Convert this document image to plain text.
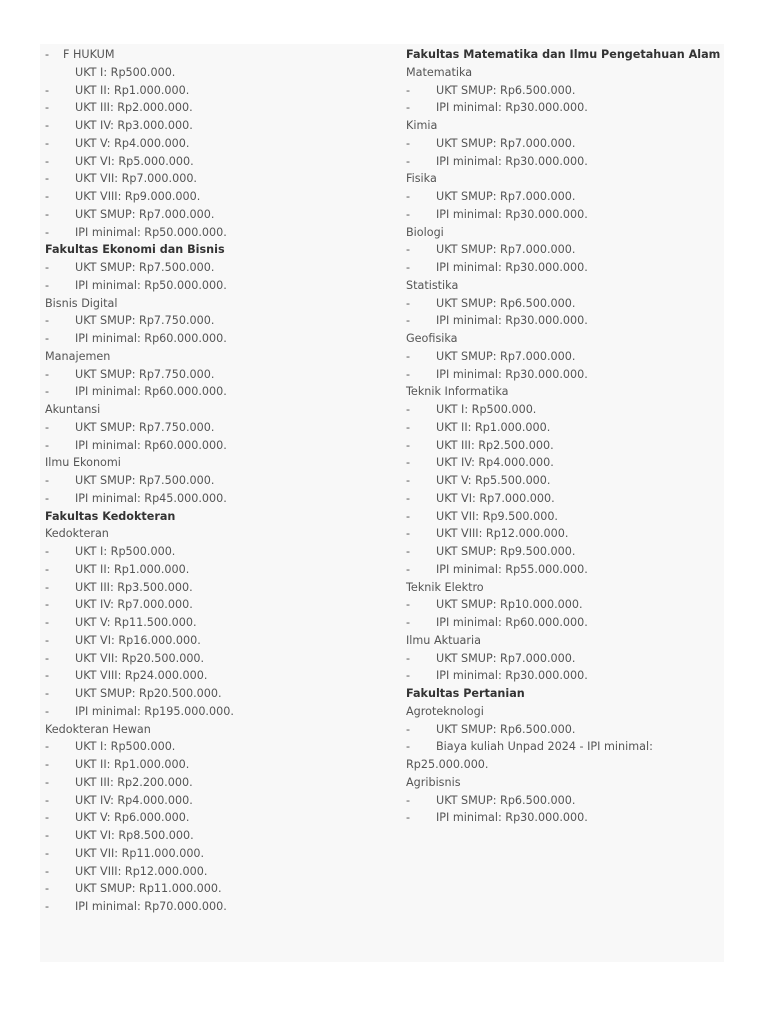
- F HUKUM
UKT I: Rp500.000.
- UKT II: Rp1.000.000.
- UKT III: Rp2.000.000.
- UKT IV: Rp3.000.000.
- UKT V: Rp4.000.000.
- UKT VI: Rp5.000.000.
- UKT VII: Rp7.000.000.
- UKT VIII: Rp9.000.000.
- UKT SMUP: Rp7.000.000.
- IPI minimal: Rp50.000.000.
Fakultas Ekonomi dan Bisnis
- UKT SMUP: Rp7.500.000.
- IPI minimal: Rp50.000.000.
Bisnis Digital
- UKT SMUP: Rp7.750.000.
- IPI minimal: Rp60.000.000.
Manajemen
- UKT SMUP: Rp7.750.000.
- IPI minimal: Rp60.000.000.
Akuntansi
- UKT SMUP: Rp7.750.000.
- IPI minimal: Rp60.000.000.
Ilmu Ekonomi
- UKT SMUP: Rp7.500.000.
- IPI minimal: Rp45.000.000.
Fakultas Kedokteran
Kedokteran
- UKT I: Rp500.000.
- UKT II: Rp1.000.000.
- UKT III: Rp3.500.000.
- UKT IV: Rp7.000.000.
- UKT V: Rp11.500.000.
- UKT VI: Rp16.000.000.
- UKT VII: Rp20.500.000.
- UKT VIII: Rp24.000.000.
- UKT SMUP: Rp20.500.000.
- IPI minimal: Rp195.000.000.
Kedokteran Hewan
- UKT I: Rp500.000.
- UKT II: Rp1.000.000.
- UKT III: Rp2.200.000.
- UKT IV: Rp4.000.000.
- UKT V: Rp6.000.000.
- UKT VI: Rp8.500.000.
- UKT VII: Rp11.000.000.
- UKT VIII: Rp12.000.000.
- UKT SMUP: Rp11.000.000.
- IPI minimal: Rp70.000.000.
Fakultas Matematika dan Ilmu Pengetahuan Alam
Matematika
- UKT SMUP: Rp6.500.000.
- IPI minimal: Rp30.000.000.
Kimia
- UKT SMUP: Rp7.000.000.
- IPI minimal: Rp30.000.000.
Fisika
- UKT SMUP: Rp7.000.000.
- IPI minimal: Rp30.000.000.
Biologi
- UKT SMUP: Rp7.000.000.
- IPI minimal: Rp30.000.000.
Statistika
- UKT SMUP: Rp6.500.000.
- IPI minimal: Rp30.000.000.
Geofisika
- UKT SMUP: Rp7.000.000.
- IPI minimal: Rp30.000.000.
Teknik Informatika
- UKT I: Rp500.000.
- UKT II: Rp1.000.000.
- UKT III: Rp2.500.000.
- UKT IV: Rp4.000.000.
- UKT V: Rp5.500.000.
- UKT VI: Rp7.000.000.
- UKT VII: Rp9.500.000.
- UKT VIII: Rp12.000.000.
- UKT SMUP: Rp9.500.000.
- IPI minimal: Rp55.000.000.
Teknik Elektro
- UKT SMUP: Rp10.000.000.
- IPI minimal: Rp60.000.000.
Ilmu Aktuaria
- UKT SMUP: Rp7.000.000.
- IPI minimal: Rp30.000.000.
Fakultas Pertanian
Agroteknologi
- UKT SMUP: Rp6.500.000.
- Biaya kuliah Unpad 2024 - IPI minimal:
Rp25.000.000.
Agribisnis
- UKT SMUP: Rp6.500.000.
- IPI minimal: Rp30.000.000.
